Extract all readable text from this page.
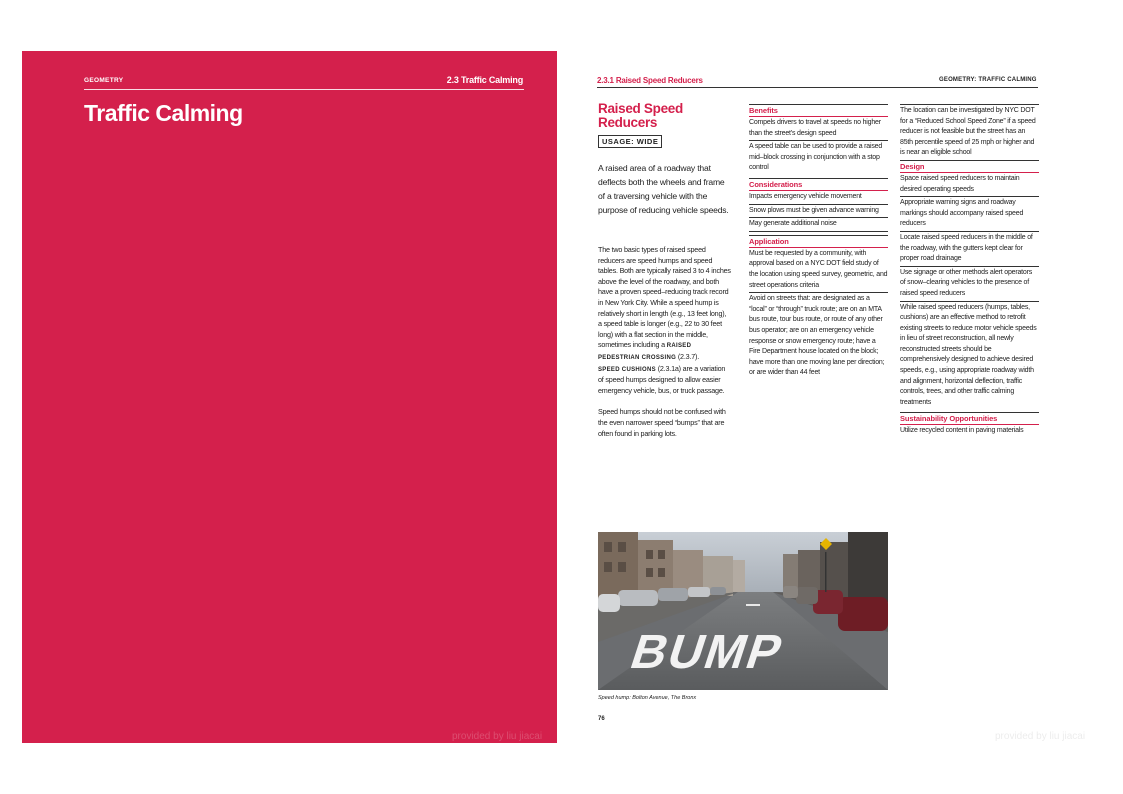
GEOMETRY	2.3 Traffic Calming
Traffic Calming
provided by liu jiacai
2.3.1 Raised Speed Reducers	GEOMETRY: TRAFFIC CALMING
Raised Speed
Reducers
USAGE: WIDE
A raised area of a roadway that deflects both the wheels and frame of a traversing vehicle with the purpose of reducing vehicle speeds.
The two basic types of raised speed reducers are speed humps and speed tables. Both are typically raised 3 to 4 inches above the level of the roadway, and both have a proven speed–reducing track record in New York City. While a speed hump is relatively short in length (e.g., 13 feet long), a speed table is longer (e.g., 22 to 30 feet long) with a flat section in the middle, sometimes including a RAISED PEDESTRIAN CROSSING (2.3.7).
SPEED CUSHIONS (2.3.1a) are a variation of speed humps designed to allow easier emergency vehicle, bus, or truck passage.
Speed humps should not be confused with the even narrower speed “bumps” that are often found in parking lots.
Benefits
Compels drivers to travel at speeds no higher than the street’s design speed
A speed table can be used to provide a raised mid–block crossing in conjunction with a stop control
Considerations
Impacts emergency vehicle movement
Snow plows must be given advance warning
May generate additional noise
Application
Must be requested by a community, with approval based on a NYC DOT field study of the location using speed survey, geometric, and street operations criteria
Avoid on streets that: are designated as a “local” or “through” truck route; are on an MTA bus route, tour bus route, or route of any other bus operator; are on an emergency vehicle response or snow emergency route; have a Fire Department house located on the block; have more than one moving lane per direction; or are wider than 44 feet
The location can be investigated by NYC DOT for a “Reduced School Speed Zone” if a speed reducer is not feasible but the street has an 85th percentile speed of 25 mph or higher and is near an eligible school
Design
Space raised speed reducers to maintain desired operating speeds
Appropriate warning signs and roadway markings should accompany raised speed reducers
Locate raised speed reducers in the middle of the roadway, with the gutters kept clear for proper road drainage
Use signage or other methods alert operators of snow–clearing vehicles to the presence of raised speed reducers
While raised speed reducers (humps, tables, cushions) are an effective method to retrofit existing streets to reduce motor vehicle speeds in lieu of street reconstruction, all newly reconstructed streets should be comprehensively designed to achieve desired speeds, e.g., using appropriate roadway width and alignment, horizontal deflection, traffic controls, trees, and other traffic calming treatments
Sustainability Opportunities
Utilize recycled content in paving materials
BUMP
Speed hump: Bolton Avenue, The Bronx
76
provided by liu jiacai
